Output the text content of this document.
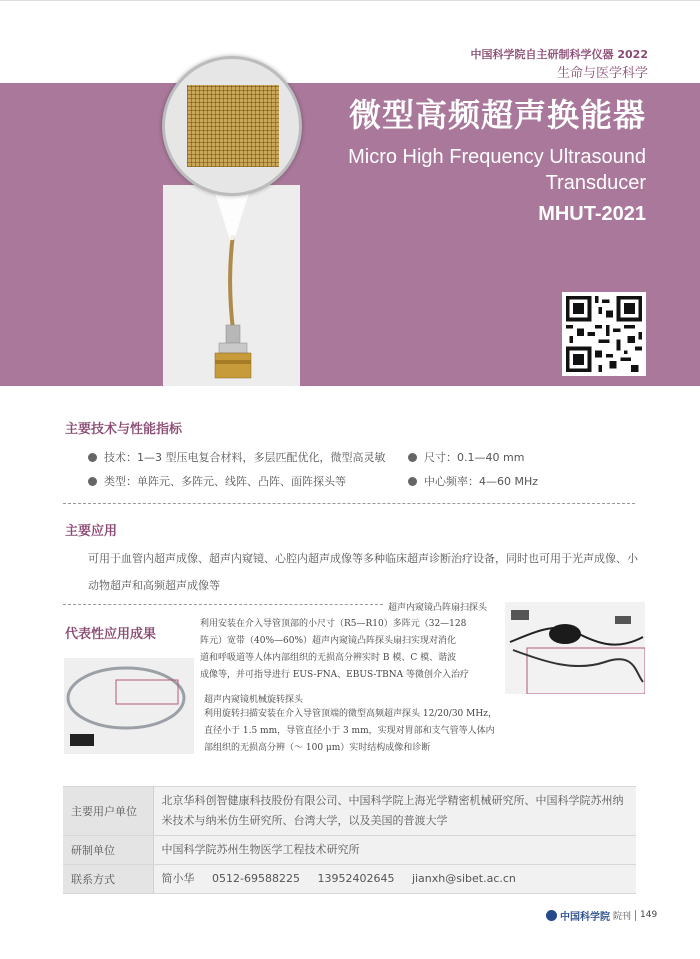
中国科学院自主研制科学仪器 2022
生命与医学科学
微型高频超声换能器
Micro High Frequency Ultrasound
Transducer
MHUT-2021
主要技术与性能指标
技术：1—3 型压电复合材料，多层匹配优化，微型高灵敏	尺寸：0.1—40 mm
类型：单阵元、多阵元、线阵、凸阵、面阵探头等	中心频率：4—60 MHz
主要应用
可用于血管内超声成像、超声内窥镜、心腔内超声成像等多种临床超声诊断治疗设备，同时也可用于光声成像、小动物超声和高频超声成像等
代表性应用成果
超声内窥镜凸阵扇扫探头
利用安装在介入导管顶部的小尺寸（R5—R10）多阵元（32—128
阵元）宽带（40%—60%）超声内窥镜凸阵探头扇扫实现对消化
道和呼吸道等人体内部组织的无损高分辨实时 B 模、C 模、谐波
成像等，并可指导进行 EUS-FNA、EBUS-TBNA 等微创介入治疗
超声内窥镜机械旋转探头
利用旋转扫描安装在介入导管顶端的微型高频超声探头 12/20/30 MHz，
直径小于 1.5 mm，导管直径小于 3 mm，实现对胃部和支气管等人体内
部组织的无损高分辨（～ 100 μm）实时结构成像和诊断
主要用户单位	北京华科创智健康科技股份有限公司、中国科学院上海光学精密机械研究所、中国科学院苏州纳米技术与纳米仿生研究所、台湾大学，以及美国的普渡大学
研制单位	中国科学院苏州生物医学工程技术研究所
联系方式	简小华 0512-69588225 13952402645 jianxh@sibet.ac.cn
中国科学院 院刊 149
